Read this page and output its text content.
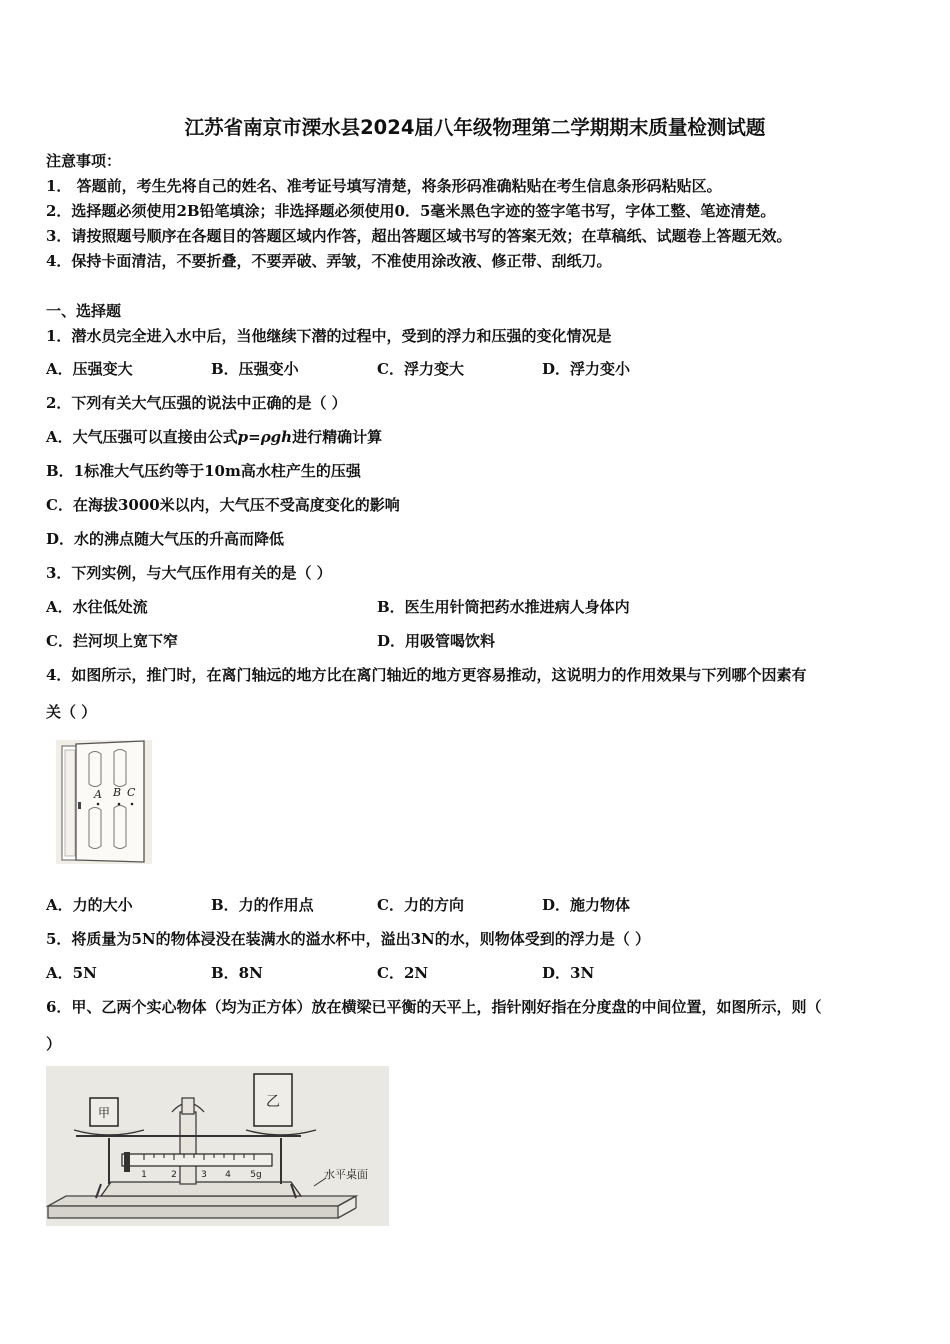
江苏省南京市溧水县2024届八年级物理第二学期期末质量检测试题
注意事项：
1． 答题前，考生先将自己的姓名、准考证号填写清楚，将条形码准确粘贴在考生信息条形码粘贴区。
2．选择题必须使用2B铅笔填涂；非选择题必须使用0．5毫米黑色字迹的签字笔书写，字体工整、笔迹清楚。
3．请按照题号顺序在各题目的答题区域内作答，超出答题区域书写的答案无效；在草稿纸、试题卷上答题无效。
4．保持卡面清洁，不要折叠，不要弄破、弄皱，不准使用涂改液、修正带、刮纸刀。
一、选择题
1．潜水员完全进入水中后，当他继续下潜的过程中，受到的浮力和压强的变化情况是
A．压强变大	B．压强变小	C．浮力变大	D．浮力变小
2．下列有关大气压强的说法中正确的是（ ）
A．大气压强可以直接由公式p=ρgh进行精确计算
B．1标准大气压约等于10m高水柱产生的压强
C．在海拔3000米以内，大气压不受高度变化的影响
D．水的沸点随大气压的升高而降低
3．下列实例，与大气压作用有关的是（ ）
A．水往低处流	B．医生用针筒把药水推进病人身体内
C．拦河坝上宽下窄	D．用吸管喝饮料
4．如图所示，推门时，在离门轴远的地方比在离门轴近的地方更容易推动，这说明力的作用效果与下列哪个因素有
关（ ）
A B C
A．力的大小	B．力的作用点	C．力的方向	D．施力物体
5．将质量为5N的物体浸没在装满水的溢水杯中，溢出3N的水，则物体受到的浮力是（ ）
A．5N	B．8N	C．2N	D．3N
6．甲、乙两个实心物体（均为正方体）放在横梁已平衡的天平上，指针刚好指在分度盘的中间位置，如图所示，则（
）
甲
乙
1	2	3 4 5g	水平桌面
